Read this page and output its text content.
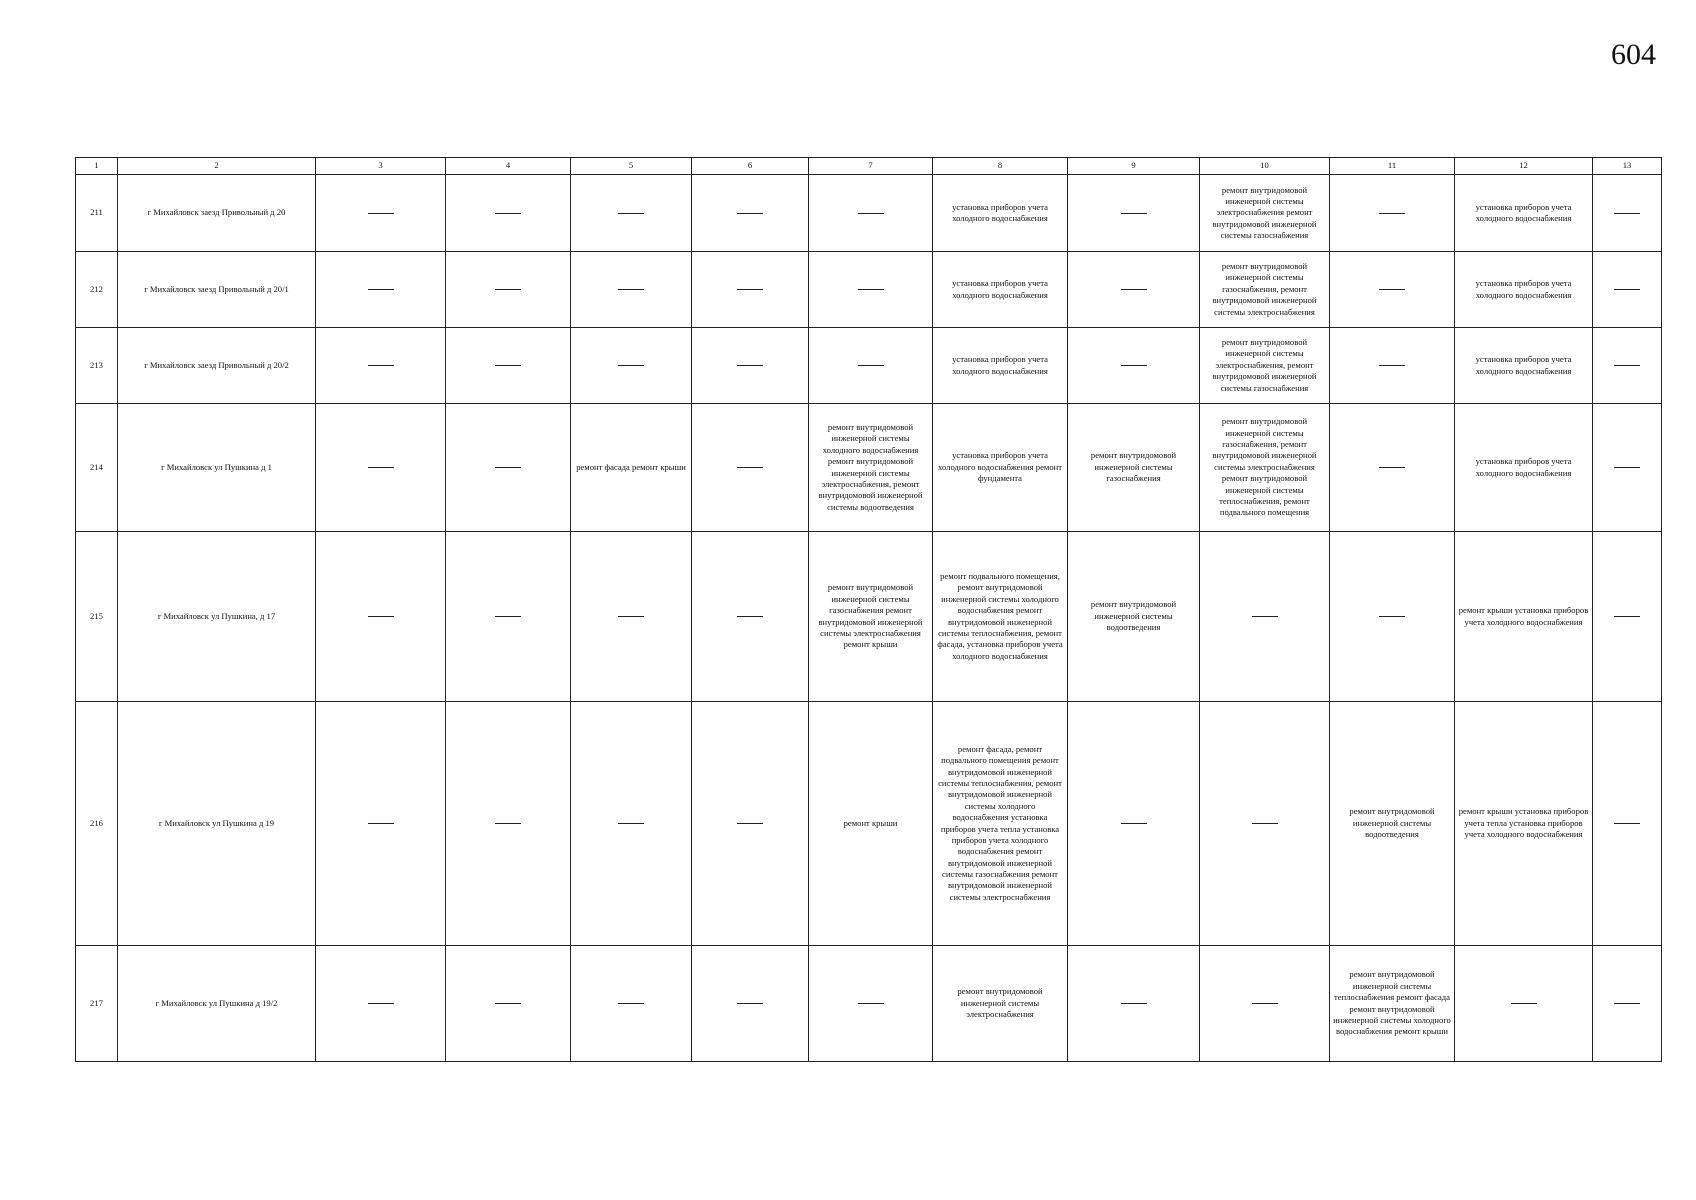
604
1	2	3	4	5	6	7	8	9	10	11	12	13
211	г Михайловск заезд Привольный д 20						установка приборов учета холодного водоснабжения		ремонт внутридомовой инженерной системы электроснабжения ремонт внутридомовой инженерной системы газоснабжения		установка приборов учета холодного водоснабжения	
212	г Михайловск заезд Привольный д 20/1						установка приборов учета холодного водоснабжения		ремонт внутридомовой инженерной системы газоснабжения, ремонт внутридомовой инженерной системы электроснабжения		установка приборов учета холодного водоснабжения	
213	г Михайловск заезд Привольный д 20/2						установка приборов учета холодного водоснабжения		ремонт внутридомовой инженерной системы электроснабжения, ремонт внутридомовой инженерной системы газоснабжения		установка приборов учета холодного водоснабжения	
214	г Михайловск ул Пушкина д 1			ремонт фасада ремонт крыши		ремонт внутридомовой инженерной системы холодного водоснабжения ремонт внутридомовой инженерной системы электроснабжения, ремонт внутридомовой инженерной системы водоотведения	установка приборов учета холодного водоснабжения ремонт фундамента	ремонт внутридомовой инженерной системы газоснабжения	ремонт внутридомовой инженерной системы газоснабжения, ремонт внутридомовой инженерной системы электроснабжения ремонт внутридомовой инженерной системы теплоснабжения, ремонт подвального помещения		установка приборов учета холодного водоснабжения	
215	г Михайловск ул Пушкина, д 17					ремонт внутридомовой инженерной системы газоснабжения ремонт внутридомовой инженерной системы электроснабжения ремонт крыши	ремонт подвального помещения, ремонт внутридомовой инженерной системы холодного водоснабжения ремонт внутридомовой инженерной системы теплоснабжения, ремонт фасада, установка приборов учета холодного водоснабжения	ремонт внутридомовой инженерной системы водоотведения			ремонт крыши установка приборов учета холодного водоснабжения	
216	г Михайловск ул Пушкина д 19					ремонт крыши	ремонт фасада, ремонт подвального помещения ремонт внутридомовой инженерной системы теплоснабжения, ремонт внутридомовой инженерной системы холодного водоснабжения установка приборов учета тепла установка приборов учета холодного водоснабжения ремонт внутридомовой инженерной системы газоснабжения ремонт внутридомовой инженерной системы электроснабжения			ремонт внутридомовой инженерной системы водоотведения	ремонт крыши установка приборов учета тепла установка приборов учета холодного водоснабжения	
217	г Михайловск ул Пушкина д 19/2						ремонт внутридомовой инженерной системы электроснабжения			ремонт внутридомовой инженерной системы теплоснабжения ремонт фасада ремонт внутридомовой инженерной системы холодного водоснабжения ремонт крыши		
